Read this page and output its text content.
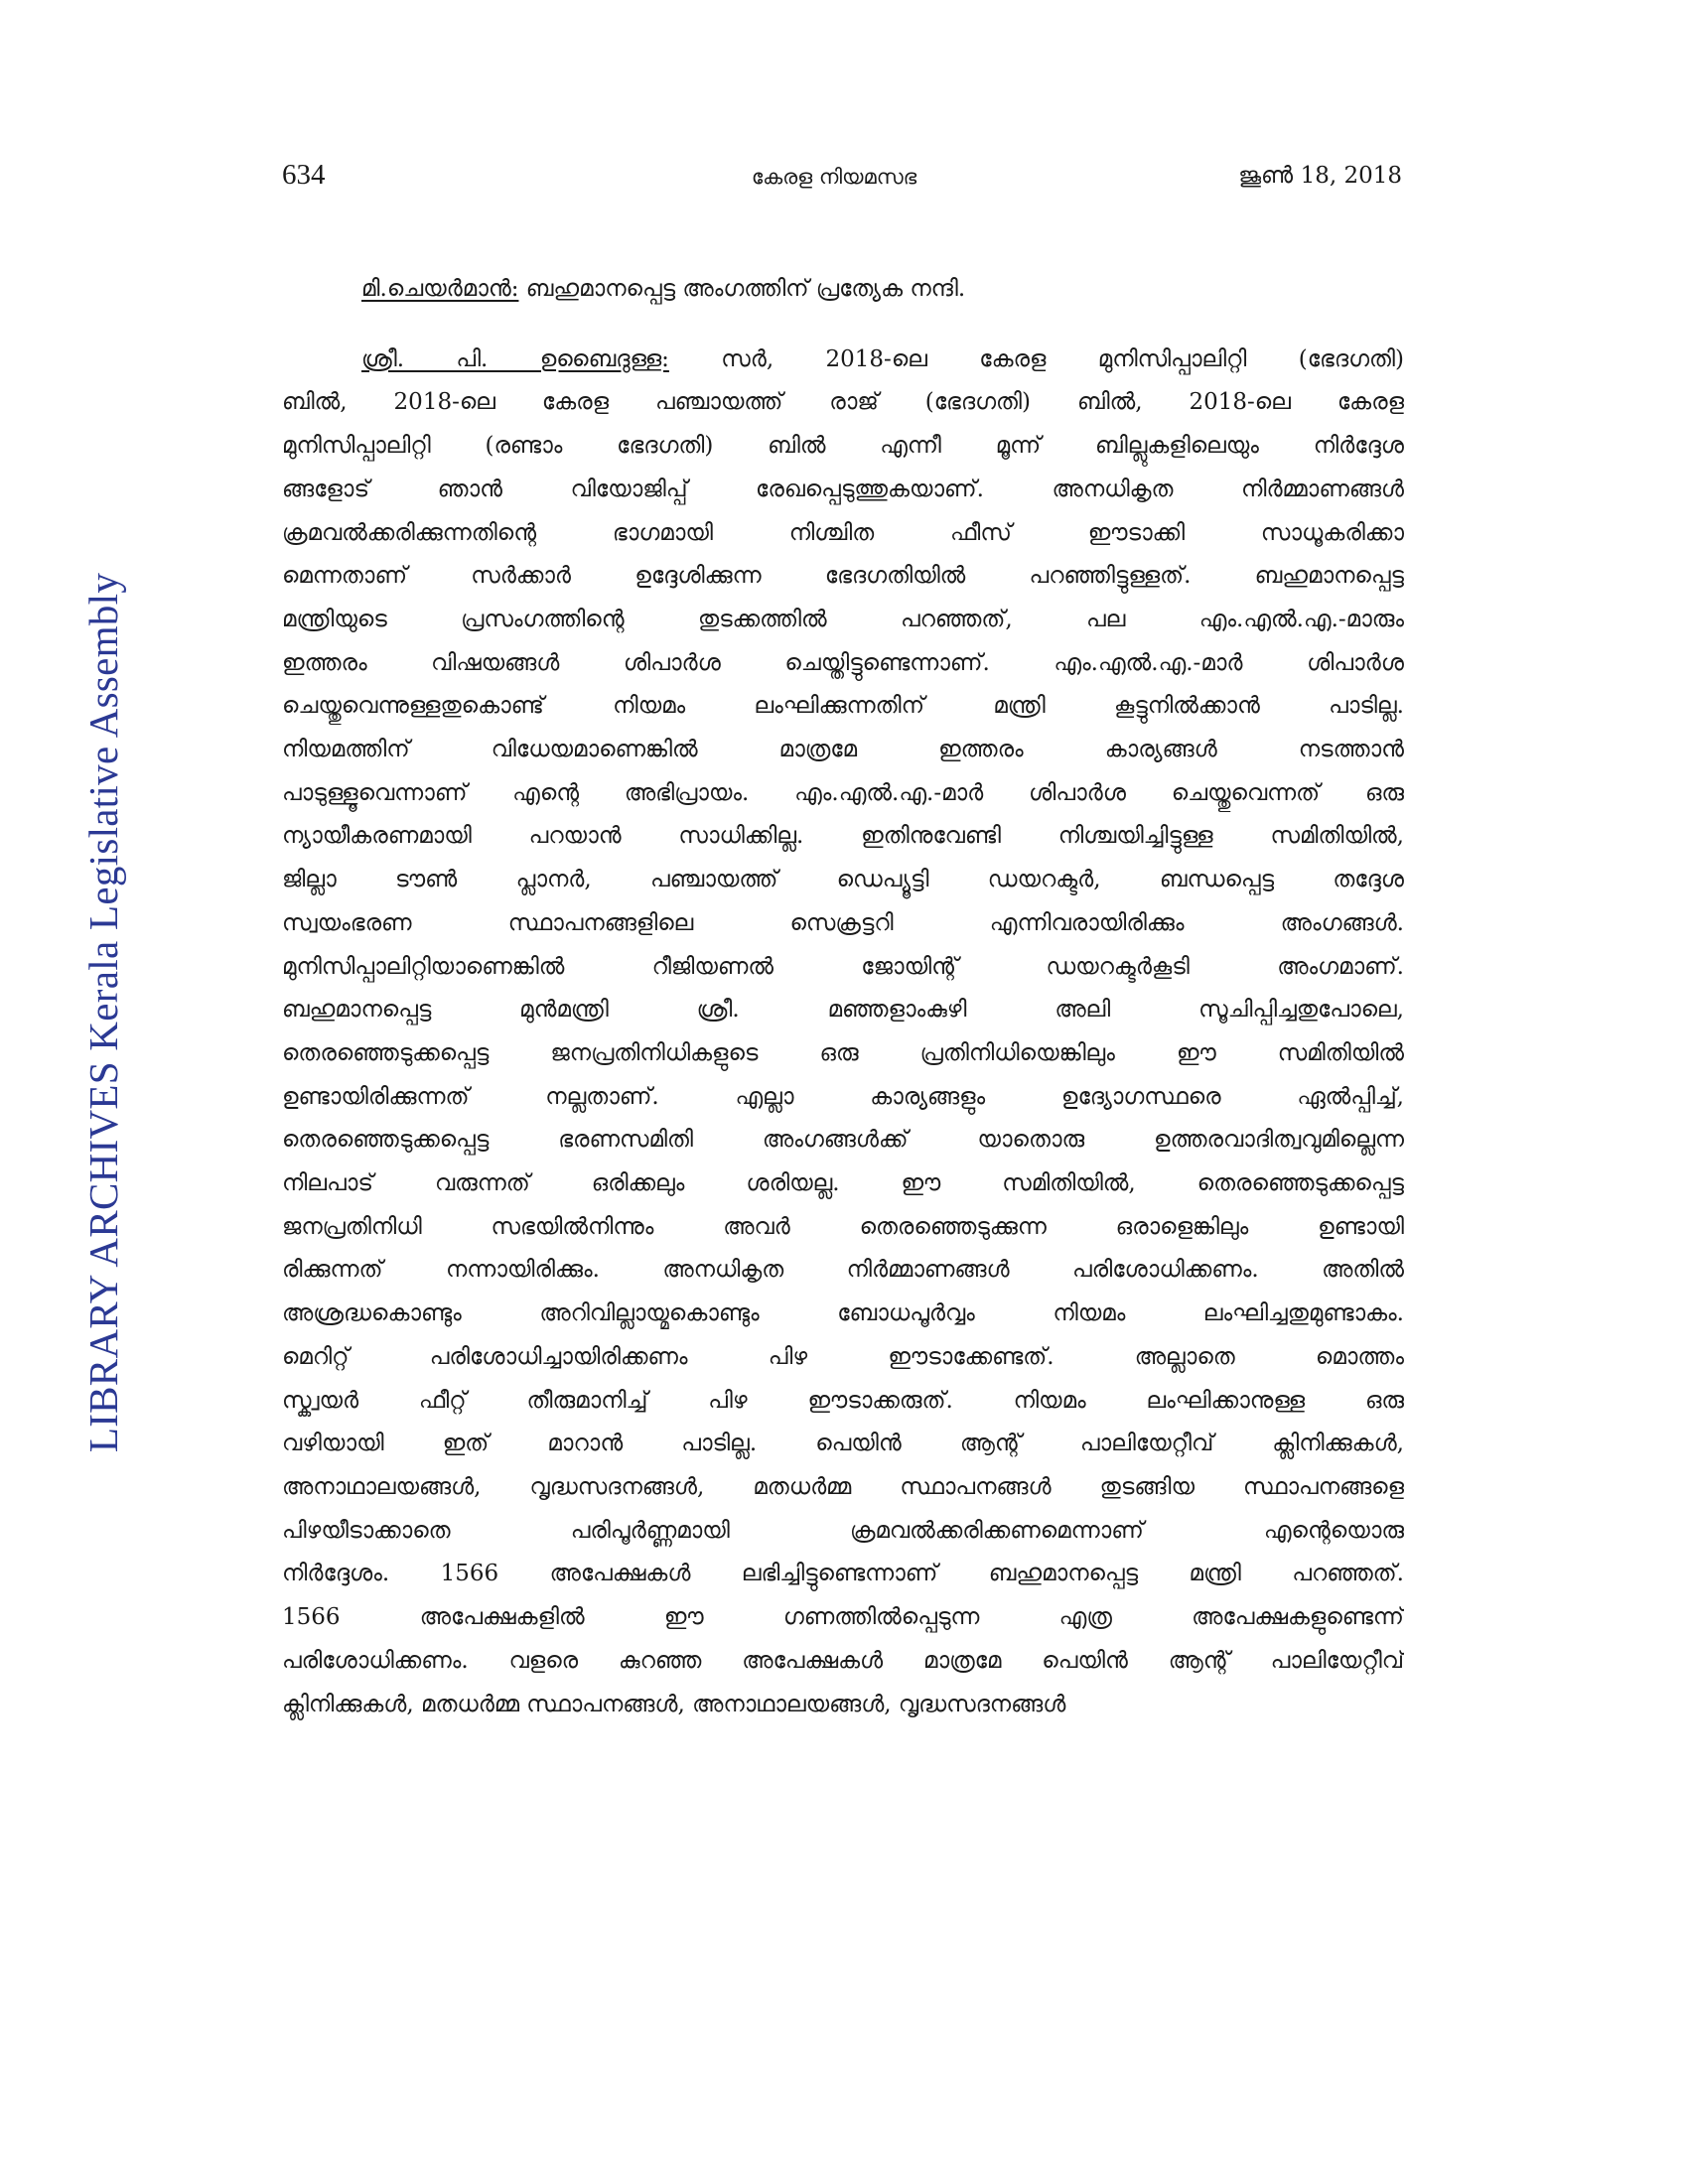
634	കേരള നിയമസഭ	ജൂൺ 18, 2018
LIBRARY ARCHIVES Kerala Legislative Assembly

മി.ചെയർമാൻ: ബഹുമാനപ്പെട്ട അംഗത്തിന് പ്രത്യേക നന്ദി.

ശ്രീ. പി. ഉബൈദുള്ള: സർ, 2018-ലെ കേരള മുനിസിപ്പാലിറ്റി (ഭേദഗതി)
ബിൽ, 2018-ലെ കേരള പഞ്ചായത്ത് രാജ് (ഭേദഗതി) ബിൽ, 2018-ലെ കേരള
മുനിസിപ്പാലിറ്റി (രണ്ടാം ഭേദഗതി) ബിൽ എന്നീ മൂന്ന് ബില്ലുകളിലെയും നിർദ്ദേശ
ങ്ങളോട് ഞാൻ വിയോജിപ്പ് രേഖപ്പെടുത്തുകയാണ്. അനധികൃത നിർമ്മാണങ്ങൾ
ക്രമവൽക്കരിക്കുന്നതിന്റെ ഭാഗമായി നിശ്ചിത ഫീസ് ഈടാക്കി സാധൂകരിക്കാ
മെന്നതാണ് സർക്കാർ ഉദ്ദേശിക്കുന്ന ഭേദഗതിയിൽ പറഞ്ഞിട്ടുള്ളത്. ബഹുമാനപ്പെട്ട
മന്ത്രിയുടെ പ്രസംഗത്തിന്റെ തുടക്കത്തിൽ പറഞ്ഞത്, പല എം.എൽ.എ.-മാരും
ഇത്തരം വിഷയങ്ങൾ ശിപാർശ ചെയ്തിട്ടുണ്ടെന്നാണ്. എം.എൽ.എ.-മാർ ശിപാർശ
ചെയ്തുവെന്നുള്ളതുകൊണ്ട് നിയമം ലംഘിക്കുന്നതിന് മന്ത്രി കൂട്ടുനിൽക്കാൻ പാടില്ല.
നിയമത്തിന് വിധേയമാണെങ്കിൽ മാത്രമേ ഇത്തരം കാര്യങ്ങൾ നടത്താൻ
പാടുള്ളൂവെന്നാണ് എന്റെ അഭിപ്രായം. എം.എൽ.എ.-മാർ ശിപാർശ ചെയ്തുവെന്നത് ഒരു
ന്യായീകരണമായി പറയാൻ സാധിക്കില്ല. ഇതിനുവേണ്ടി നിശ്ചയിച്ചിട്ടുള്ള സമിതിയിൽ,
ജില്ലാ ടൗൺ പ്ലാനർ, പഞ്ചായത്ത് ഡെപ്യൂട്ടി ഡയറക്ടർ, ബന്ധപ്പെട്ട തദ്ദേശ
സ്വയംഭരണ സ്ഥാപനങ്ങളിലെ സെക്രട്ടറി എന്നിവരായിരിക്കും അംഗങ്ങൾ.
മുനിസിപ്പാലിറ്റിയാണെങ്കിൽ റീജിയണൽ ജോയിന്റ് ഡയറക്ടർകൂടി അംഗമാണ്.
ബഹുമാനപ്പെട്ട മുൻമന്ത്രി ശ്രീ. മഞ്ഞളാംകുഴി അലി സൂചിപ്പിച്ചതുപോലെ,
തെരഞ്ഞെടുക്കപ്പെട്ട ജനപ്രതിനിധികളുടെ ഒരു പ്രതിനിധിയെങ്കിലും ഈ സമിതിയിൽ
ഉണ്ടായിരിക്കുന്നത് നല്ലതാണ്. എല്ലാ കാര്യങ്ങളും ഉദ്യോഗസ്ഥരെ ഏൽപ്പിച്ച്,
തെരഞ്ഞെടുക്കപ്പെട്ട ഭരണസമിതി അംഗങ്ങൾക്ക് യാതൊരു ഉത്തരവാദിത്വവുമില്ലെന്ന
നിലപാട് വരുന്നത് ഒരിക്കലും ശരിയല്ല. ഈ സമിതിയിൽ, തെരഞ്ഞെടുക്കപ്പെട്ട
ജനപ്രതിനിധി സഭയിൽനിന്നും അവർ തെരഞ്ഞെടുക്കുന്ന ഒരാളെങ്കിലും ഉണ്ടായി
രിക്കുന്നത് നന്നായിരിക്കും. അനധികൃത നിർമ്മാണങ്ങൾ പരിശോധിക്കണം. അതിൽ
അശ്രദ്ധകൊണ്ടും അറിവില്ലായ്മകൊണ്ടും ബോധപൂർവ്വം നിയമം ലംഘിച്ചതുമുണ്ടാകം.
മെറിറ്റ് പരിശോധിച്ചായിരിക്കണം പിഴ ഈടാക്കേണ്ടത്. അല്ലാതെ മൊത്തം
സ്ക്വയർ ഫീറ്റ് തീരുമാനിച്ച് പിഴ ഈടാക്കരുത്. നിയമം ലംഘിക്കാനുള്ള ഒരു
വഴിയായി ഇത് മാറാൻ പാടില്ല. പെയിൻ ആന്റ് പാലിയേറ്റീവ് ക്ലിനിക്കുകൾ,
അനാഥാലയങ്ങൾ, വൃദ്ധസദനങ്ങൾ, മതധർമ്മ സ്ഥാപനങ്ങൾ തുടങ്ങിയ സ്ഥാപനങ്ങളെ
പിഴയീടാക്കാതെ പരിപൂർണ്ണമായി ക്രമവൽക്കരിക്കണമെന്നാണ് എന്റെയൊരു
നിർദ്ദേശം. 1566 അപേക്ഷകൾ ലഭിച്ചിട്ടുണ്ടെന്നാണ് ബഹുമാനപ്പെട്ട മന്ത്രി പറഞ്ഞത്.
1566 അപേക്ഷകളിൽ ഈ ഗണത്തിൽപ്പെടുന്ന എത്ര അപേക്ഷകളുണ്ടെന്ന്
പരിശോധിക്കണം. വളരെ കുറഞ്ഞ അപേക്ഷകൾ മാത്രമേ പെയിൻ ആന്റ് പാലിയേറ്റീവ്
ക്ലിനിക്കുകൾ, മതധർമ്മ സ്ഥാപനങ്ങൾ, അനാഥാലയങ്ങൾ, വൃദ്ധസദനങ്ങൾ
